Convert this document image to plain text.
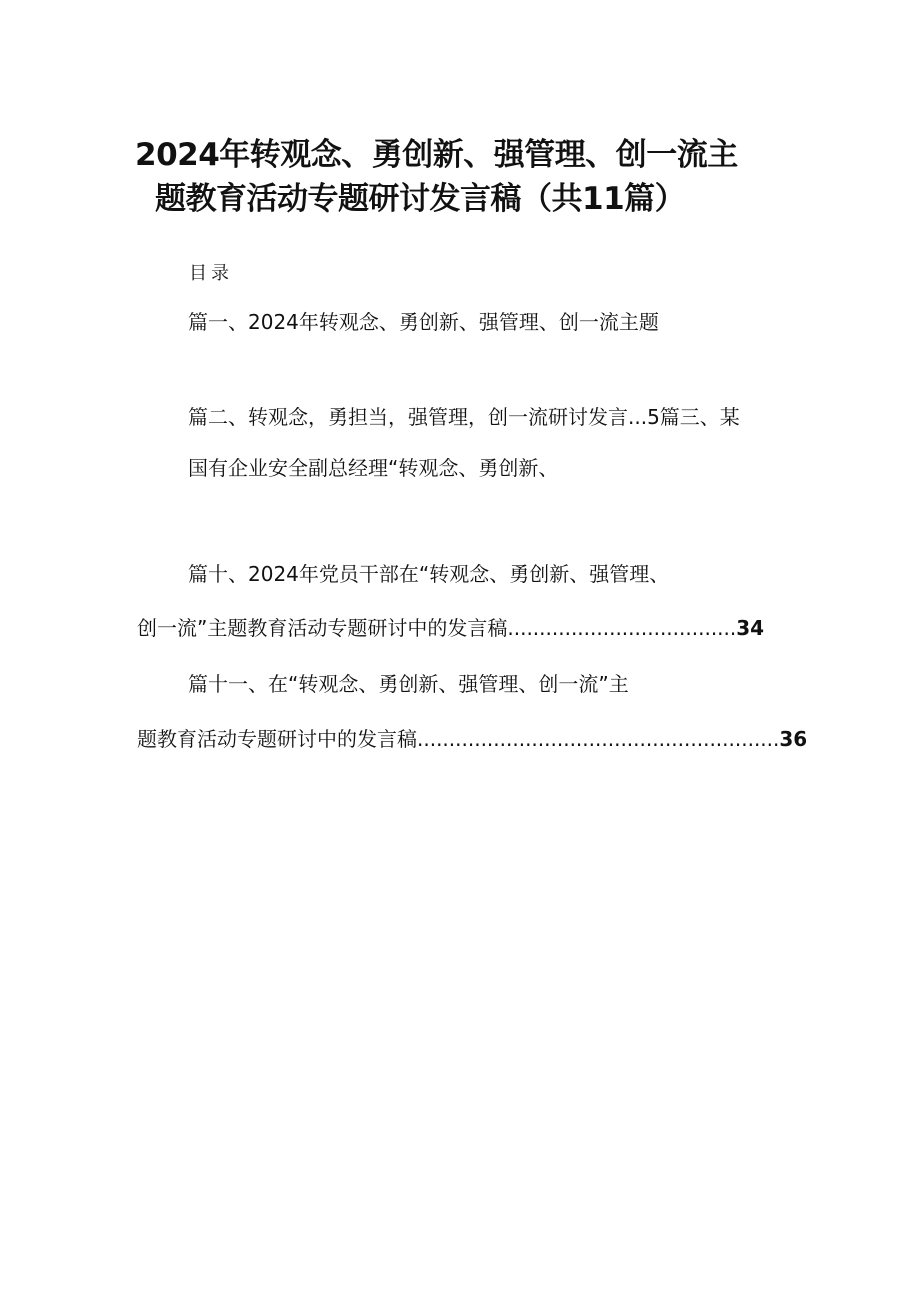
2024年转观念、勇创新、强管理、创一流主
题教育活动专题研讨发言稿（共11篇）

目录

篇一、2024年转观念、勇创新、强管理、创一流主题

篇二、转观念，勇担当，强管理，创一流研讨发言...5篇三、某

国有企业安全副总经理“转观念、勇创新、

篇十、2024年党员干部在“转观念、勇创新、强管理、

创一流”主题教育活动专题研讨中的发言稿....................................34

篇十一、在“转观念、勇创新、强管理、创一流”主

题教育活动专题研讨中的发言稿.........................................................36
